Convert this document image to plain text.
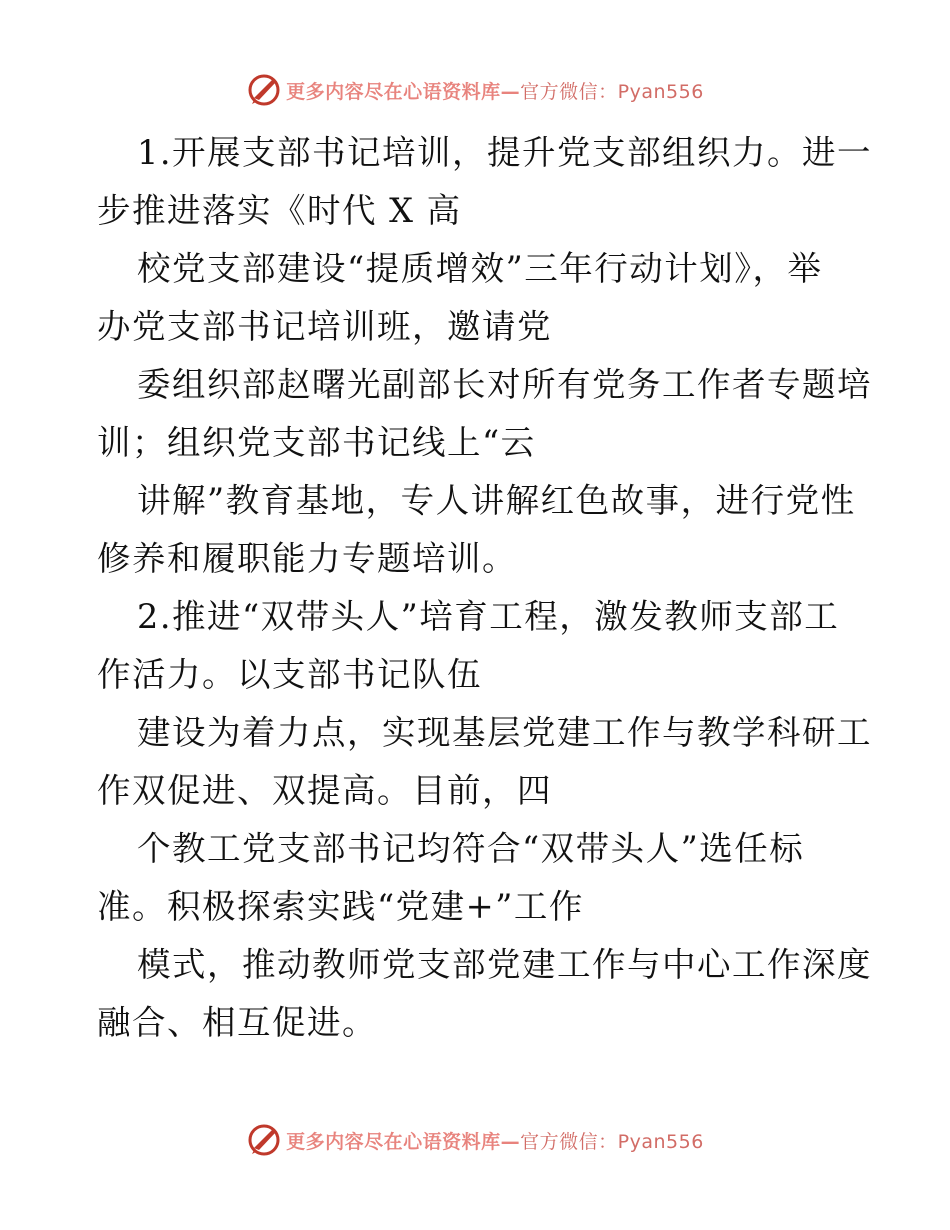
更多内容尽在心语资料库—官方微信：Pyan556
1.开展支部书记培训，提升党支部组织力。进一
步推进落实《时代 X 高
校党支部建设“提质增效”三年行动计划》，举
办党支部书记培训班，邀请党
委组织部赵曙光副部长对所有党务工作者专题培
训；组织党支部书记线上“云
讲解”教育基地，专人讲解红色故事，进行党性
修养和履职能力专题培训。
2.推进“双带头人”培育工程，激发教师支部工
作活力。以支部书记队伍
建设为着力点，实现基层党建工作与教学科研工
作双促进、双提高。目前，四
个教工党支部书记均符合“双带头人”选任标
准。积极探索实践“党建+”工作
模式，推动教师党支部党建工作与中心工作深度
融合、相互促进。
更多内容尽在心语资料库—官方微信：Pyan556
